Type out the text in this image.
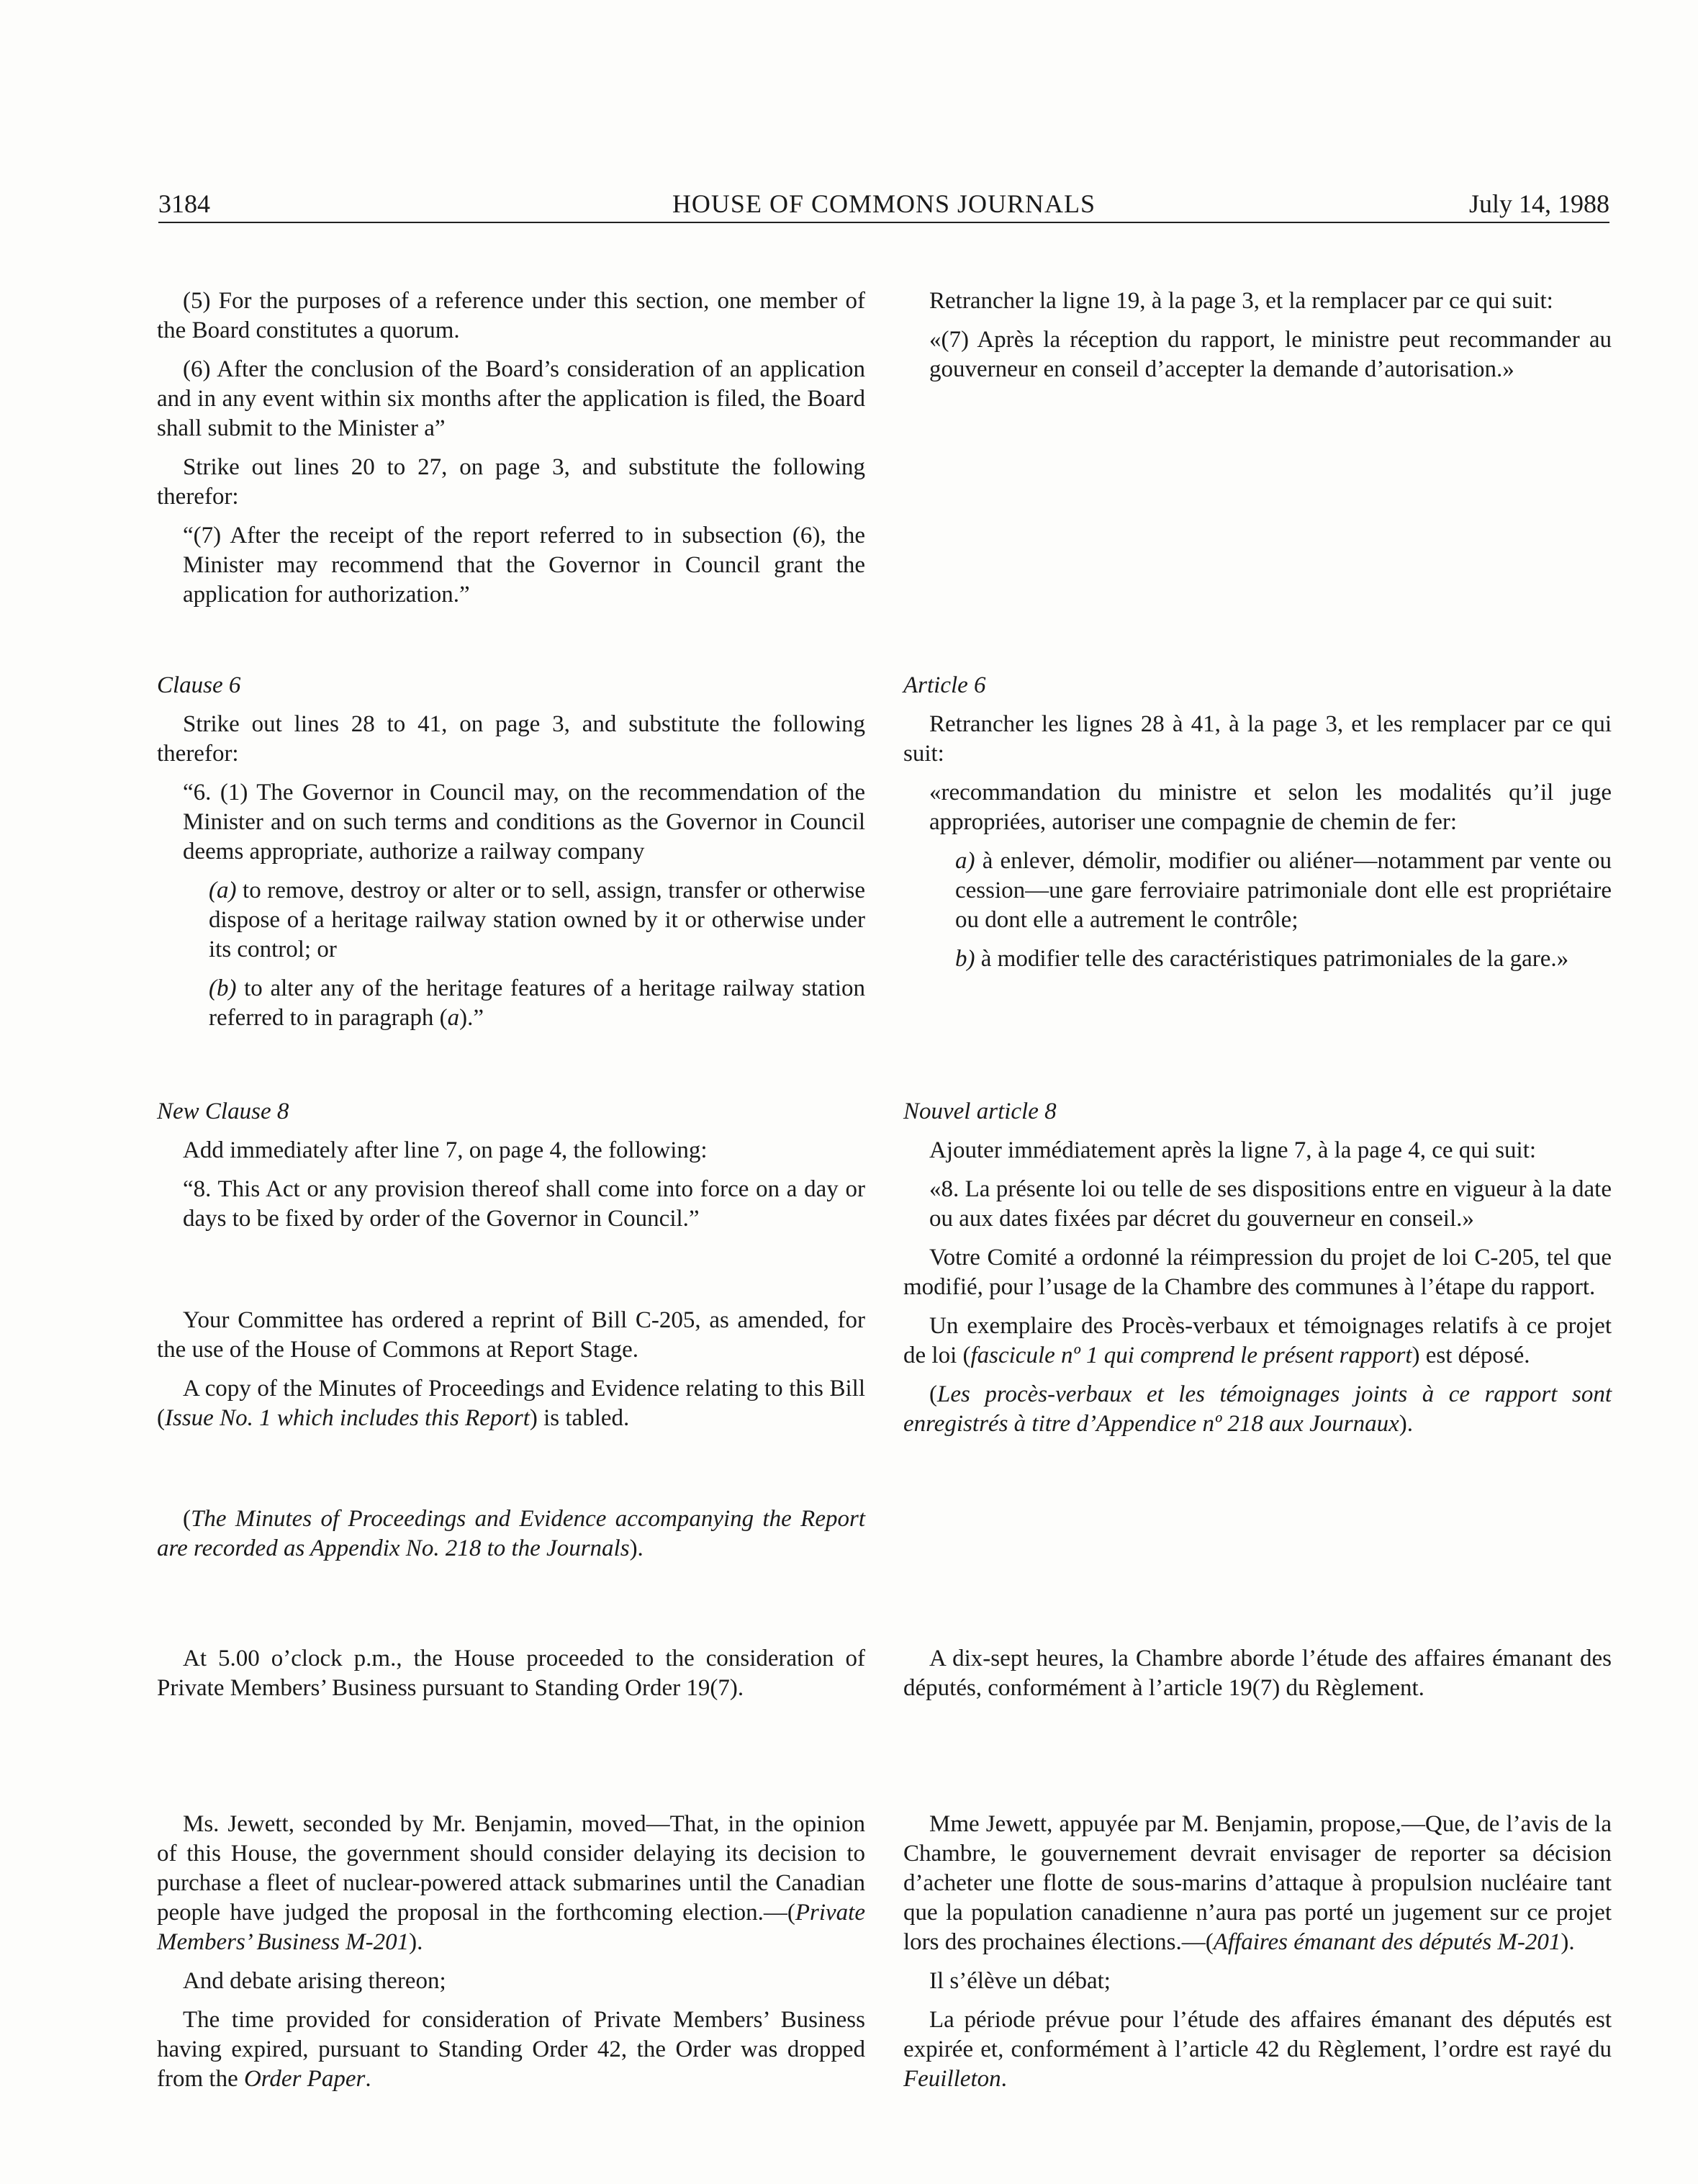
3184	HOUSE OF COMMONS JOURNALS	July 14, 1988

(5) For the purposes of a reference under this section, one member of the Board constitutes a quorum.

(6) After the conclusion of the Board’s consideration of an application and in any event within six months after the application is filed, the Board shall submit to the Minister a”

Strike out lines 20 to 27, on page 3, and substitute the following therefor:

“(7) After the receipt of the report referred to in subsection (6), the Minister may recommend that the Governor in Council grant the application for authorization.”

Clause 6

Strike out lines 28 to 41, on page 3, and substitute the following therefor:

“6. (1) The Governor in Council may, on the recommendation of the Minister and on such terms and conditions as the Governor in Council deems appropriate, authorize a railway company

(a) to remove, destroy or alter or to sell, assign, transfer or otherwise dispose of a heritage railway station owned by it or otherwise under its control; or

(b) to alter any of the heritage features of a heritage railway station referred to in paragraph (a).”

New Clause 8

Add immediately after line 7, on page 4, the following:

“8. This Act or any provision thereof shall come into force on a day or days to be fixed by order of the Governor in Council.”

Your Committee has ordered a reprint of Bill C-205, as amended, for the use of the House of Commons at Report Stage.

A copy of the Minutes of Proceedings and Evidence relating to this Bill (Issue No. 1 which includes this Report) is tabled.

(The Minutes of Proceedings and Evidence accompanying the Report are recorded as Appendix No. 218 to the Journals).

At 5.00 o’clock p.m., the House proceeded to the consideration of Private Members’ Business pursuant to Standing Order 19(7).

Ms. Jewett, seconded by Mr. Benjamin, moved—That, in the opinion of this House, the government should consider delaying its decision to purchase a fleet of nuclear-powered attack submarines until the Canadian people have judged the proposal in the forthcoming election.—(Private Members’ Business M-201).

And debate arising thereon;

The time provided for consideration of Private Members’ Business having expired, pursuant to Standing Order 42, the Order was dropped from the Order Paper.

Retrancher la ligne 19, à la page 3, et la remplacer par ce qui suit:

«(7) Après la réception du rapport, le ministre peut recommander au gouverneur en conseil d’accepter la demande d’autorisation.»

Article 6

Retrancher les lignes 28 à 41, à la page 3, et les remplacer par ce qui suit:

«recommandation du ministre et selon les modalités qu’il juge appropriées, autoriser une compagnie de chemin de fer:

a) à enlever, démolir, modifier ou aliéner—notamment par vente ou cession—une gare ferroviaire patrimoniale dont elle est propriétaire ou dont elle a autrement le contrôle;

b) à modifier telle des caractéristiques patrimoniales de la gare.»

Nouvel article 8

Ajouter immédiatement après la ligne 7, à la page 4, ce qui suit:

«8. La présente loi ou telle de ses dispositions entre en vigueur à la date ou aux dates fixées par décret du gouverneur en conseil.»

Votre Comité a ordonné la réimpression du projet de loi C-205, tel que modifié, pour l’usage de la Chambre des communes à l’étape du rapport.

Un exemplaire des Procès-verbaux et témoignages relatifs à ce projet de loi (fascicule nº 1 qui comprend le présent rapport) est déposé.

(Les procès-verbaux et les témoignages joints à ce rapport sont enregistrés à titre d’Appendice nº 218 aux Journaux).

A dix-sept heures, la Chambre aborde l’étude des affaires émanant des députés, conformément à l’article 19(7) du Règlement.

Mme Jewett, appuyée par M. Benjamin, propose,—Que, de l’avis de la Chambre, le gouvernement devrait envisager de reporter sa décision d’acheter une flotte de sous-marins d’attaque à propulsion nucléaire tant que la population canadienne n’aura pas porté un jugement sur ce projet lors des prochaines élections.—(Affaires émanant des députés M-201).

Il s’élève un débat;

La période prévue pour l’étude des affaires émanant des députés est expirée et, conformément à l’article 42 du Règlement, l’ordre est rayé du Feuilleton.
